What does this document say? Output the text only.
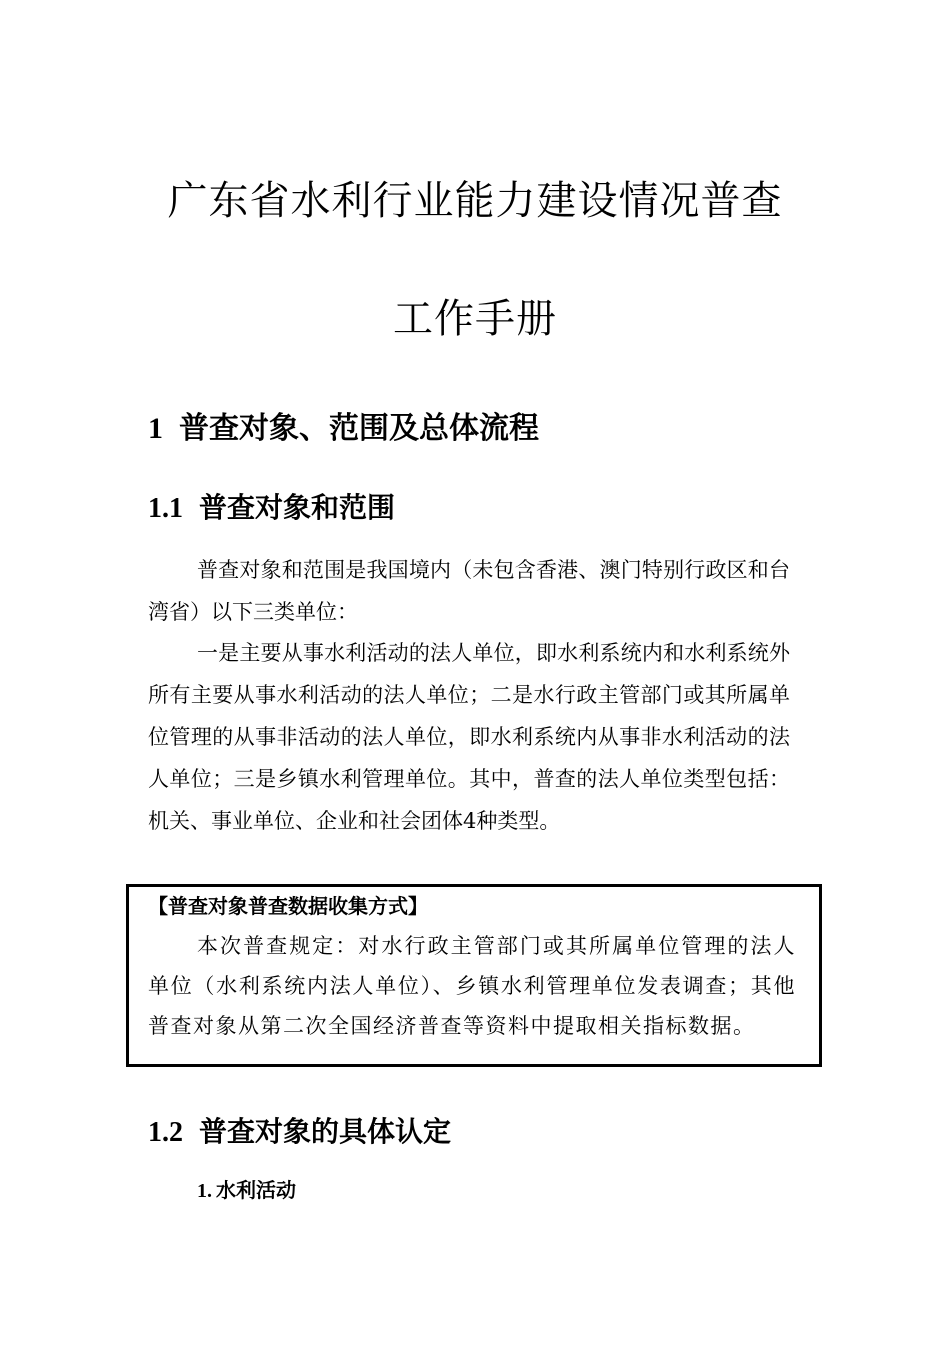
广东省水利行业能力建设情况普查
工作手册
1 普查对象、范围及总体流程
1.1 普查对象和范围

普查对象和范围是我国境内（未包含香港、澳门特别行政区和台湾省）以下三类单位：

一是主要从事水利活动的法人单位，即水利系统内和水利系统外所有主要从事水利活动的法人单位；二是水行政主管部门或其所属单位管理的从事非活动的法人单位，即水利系统内从事非水利活动的法人单位；三是乡镇水利管理单位。其中，普查的法人单位类型包括：机关、事业单位、企业和社会团体4种类型。

【普查对象普查数据收集方式】

本次普查规定：对水行政主管部门或其所属单位管理的法人单位（水利系统内法人单位）、乡镇水利管理单位发表调查；其他普查对象从第二次全国经济普查等资料中提取相关指标数据。

1.2 普查对象的具体认定
1. 水利活动
